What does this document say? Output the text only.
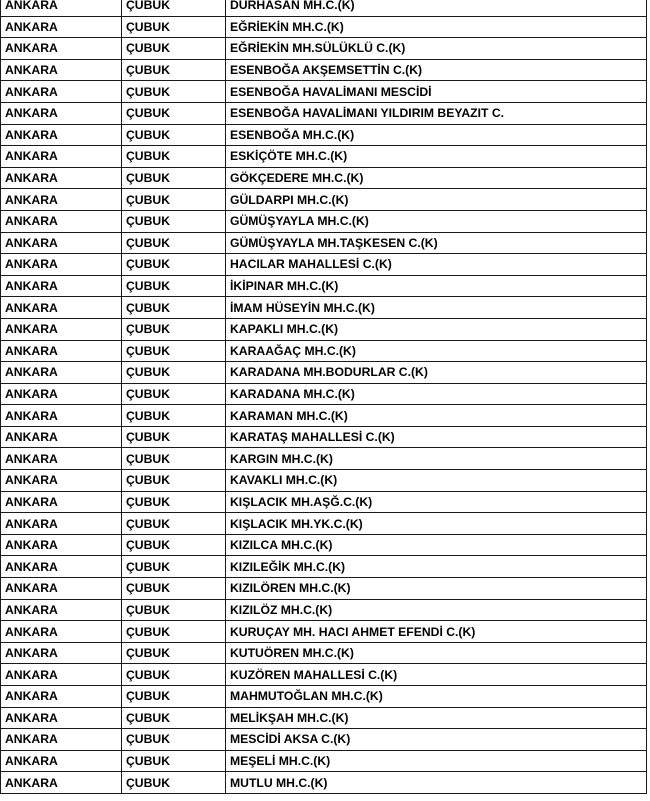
ANKARA	ÇUBUK	DURHASAN MH.C.(K)
ANKARA	ÇUBUK	EĞRİEKİN MH.C.(K)
ANKARA	ÇUBUK	EĞRİEKİN MH.SÜLÜKLÜ C.(K)
ANKARA	ÇUBUK	ESENBOĞA AKŞEMSETTİN C.(K)
ANKARA	ÇUBUK	ESENBOĞA HAVALİMANI MESCİDİ
ANKARA	ÇUBUK	ESENBOĞA HAVALİMANI YILDIRIM BEYAZIT C.
ANKARA	ÇUBUK	ESENBOĞA MH.C.(K)
ANKARA	ÇUBUK	ESKİÇÖTE MH.C.(K)
ANKARA	ÇUBUK	GÖKÇEDERE MH.C.(K)
ANKARA	ÇUBUK	GÜLDARPI MH.C.(K)
ANKARA	ÇUBUK	GÜMÜŞYAYLA MH.C.(K)
ANKARA	ÇUBUK	GÜMÜŞYAYLA MH.TAŞKESEN C.(K)
ANKARA	ÇUBUK	HACILAR MAHALLESİ C.(K)
ANKARA	ÇUBUK	İKİPINAR MH.C.(K)
ANKARA	ÇUBUK	İMAM HÜSEYİN MH.C.(K)
ANKARA	ÇUBUK	KAPAKLI MH.C.(K)
ANKARA	ÇUBUK	KARAAĞAÇ MH.C.(K)
ANKARA	ÇUBUK	KARADANA MH.BODURLAR C.(K)
ANKARA	ÇUBUK	KARADANA MH.C.(K)
ANKARA	ÇUBUK	KARAMAN MH.C.(K)
ANKARA	ÇUBUK	KARATAŞ MAHALLESİ C.(K)
ANKARA	ÇUBUK	KARGIN MH.C.(K)
ANKARA	ÇUBUK	KAVAKLI MH.C.(K)
ANKARA	ÇUBUK	KIŞLACIK MH.AŞĞ.C.(K)
ANKARA	ÇUBUK	KIŞLACIK MH.YK.C.(K)
ANKARA	ÇUBUK	KIZILCA MH.C.(K)
ANKARA	ÇUBUK	KIZILEĞİK MH.C.(K)
ANKARA	ÇUBUK	KIZILÖREN MH.C.(K)
ANKARA	ÇUBUK	KIZILÖZ MH.C.(K)
ANKARA	ÇUBUK	KURUÇAY MH. HACI AHMET EFENDİ C.(K)
ANKARA	ÇUBUK	KUTUÖREN MH.C.(K)
ANKARA	ÇUBUK	KUZÖREN MAHALLESİ C.(K)
ANKARA	ÇUBUK	MAHMUTOĞLAN MH.C.(K)
ANKARA	ÇUBUK	MELİKŞAH MH.C.(K)
ANKARA	ÇUBUK	MESCİDİ AKSA C.(K)
ANKARA	ÇUBUK	MEŞELİ MH.C.(K)
ANKARA	ÇUBUK	MUTLU MH.C.(K)
